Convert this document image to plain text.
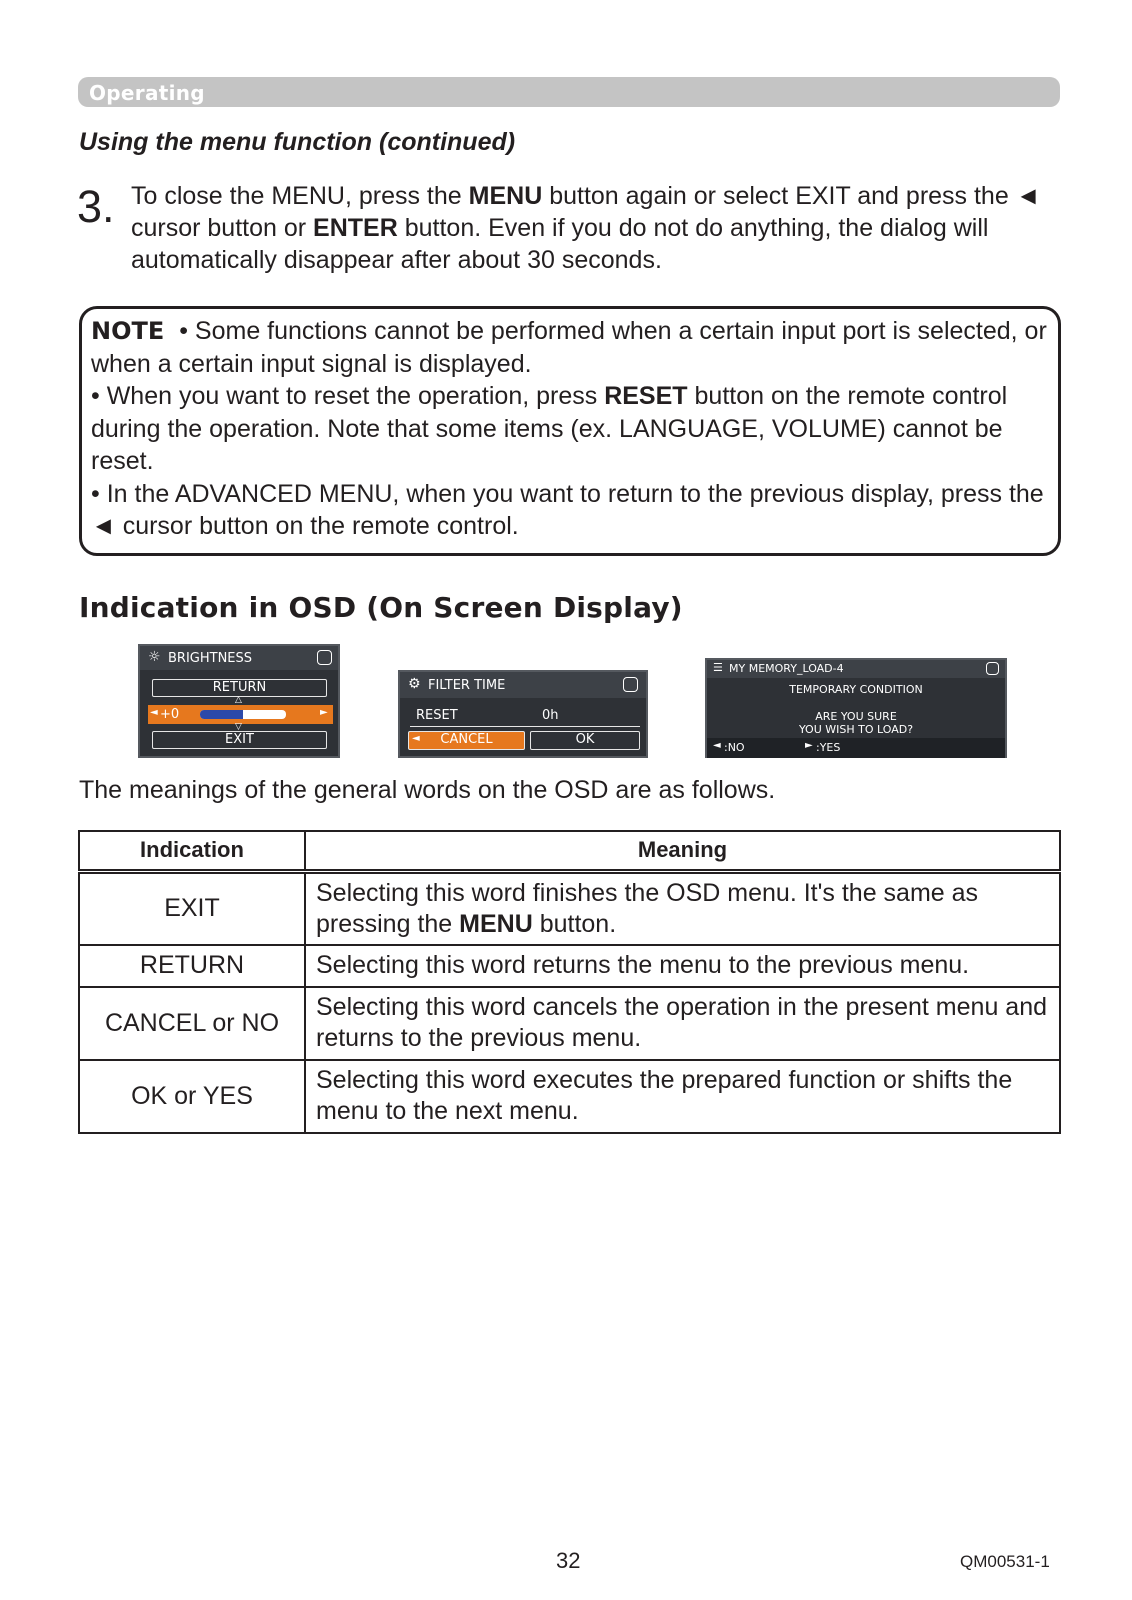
Operating
Using the menu function (continued)
3. To close the MENU, press the MENU button again or select EXIT and press the ◄ cursor button or ENTER button. Even if you do not do anything, the dialog will automatically disappear after about 30 seconds.

NOTE • Some functions cannot be performed when a certain input port is selected, or when a certain input signal is displayed.

• When you want to reset the operation, press RESET button on the remote control during the operation. Note that some items (ex. LANGUAGE, VOLUME) cannot be reset.

• In the ADVANCED MENU, when you want to return to the previous display, press the ◄ cursor button on the remote control.

Indication in OSD (On Screen Display)
☼ BRIGHTNESS
RETURN
△
◄ +0	►
▽
EXIT
⚙ FILTER TIME
RESET	0h
CANCEL
◄	OK
☰ MY MEMORY_LOAD-4
TEMPORARY CONDITION
ARE YOU SURE
YOU WISH TO LOAD?
◄ :NO	► :YES
The meanings of the general words on the OSD are as follows.
Indication	Meaning
EXIT	Selecting this word finishes the OSD menu. It's the same as pressing the MENU button.
RETURN	Selecting this word returns the menu to the previous menu.
CANCEL or NO	Selecting this word cancels the operation in the present menu and returns to the previous menu.
OK or YES	Selecting this word executes the prepared function or shifts the menu to the next menu.
32	QM00531-1
